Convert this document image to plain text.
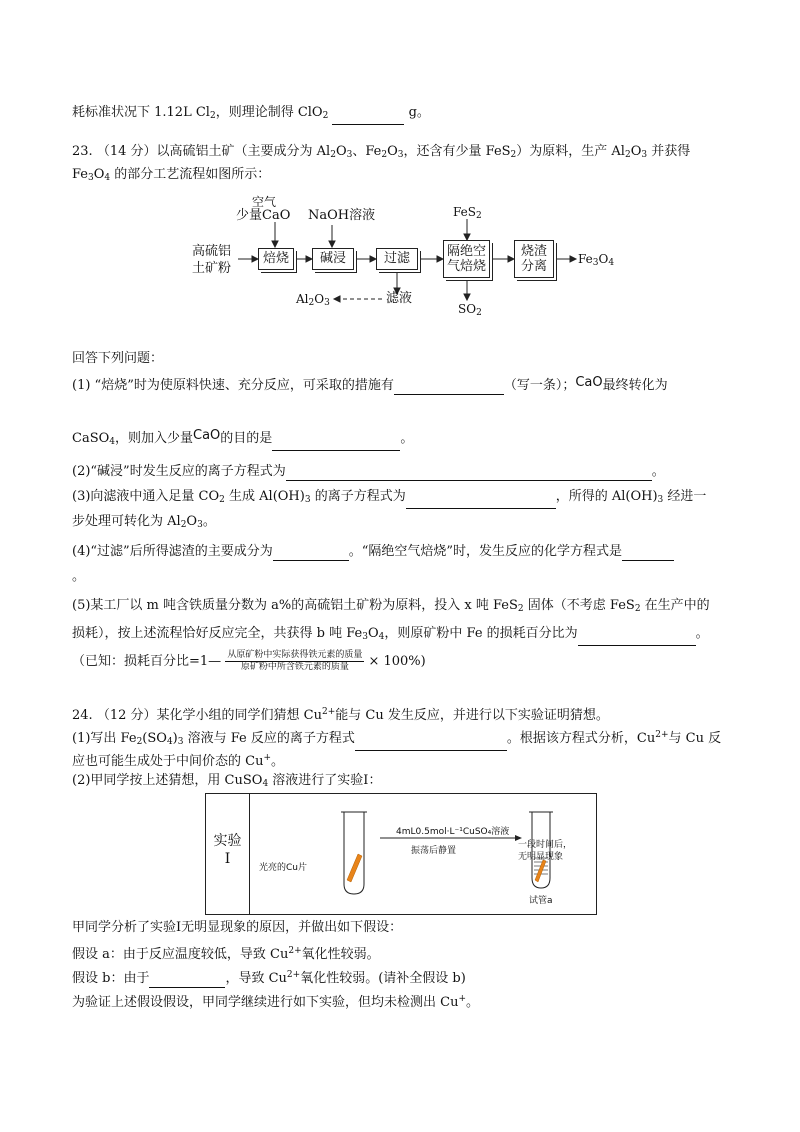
耗标准状况下 1.12L $Cl_2$，则理论制得 ClO$_2$	g。
23. （14 分）以高硫铝土矿（主要成分为 $Al_2O_3$、$Fe_2O_3$，还含有少量 FeS$_2$）为原料，生产 $Al_2O_3$ 并获得
$Fe_3O_4$ 的部分工艺流程如图所示：
空气
少量CaO NaOH溶液	FeS$_2$
高硫铝
土矿粉
焙烧	碱浸	过滤	隔绝空
气焙烧
烧渣
分离	$Fe_3O_4$
滤液
$Al_2O_3$	$SO_2$
回答下列问题：
(1) “焙烧”时为使原料快速、充分反应，可采取的措施有	（写一条）；CaO最终转化为
CaSO$_4$，则加入少量CaO的目的是	。
(2)“碱浸”时发生反应的离子方程式为	。
(3)向滤液中通入足量 $CO_2$ 生成 $Al(OH)_3$ 的离子方程式为	，所得的 $Al(OH)_3$ 经进一
步处理可转化为 $Al_2O_3$。
(4)“过滤”后所得滤渣的主要成分为	。“隔绝空气焙烧”时，发生反应的化学方程式是
。
(5)某工厂以 m 吨含铁质量分数为 a%的高硫铝土矿粉为原料，投入 x 吨 FeS$_2$ 固体（不考虑 FeS$_2$ 在生产中的
损耗），按上述流程恰好反应完全，共获得 b 吨 $Fe_3O_4$，则原矿粉中 Fe 的损耗百分比为	。
（已知：损耗百分比=1— $\frac{\text{从原矿粉中实际获得铁元素的质量}}{\text{原矿粉中所含铁元素的质量}} \times 100\%$)
24. （12 分）某化学小组的同学们猜想 $Cu^{2+}$能与 Cu 发生反应，并进行以下实验证明猜想。
(1)写出 $Fe_2(SO_4)_3$ 溶液与 Fe 反应的离子方程式	。根据该方程式分析，$Cu^{2+}$与 Cu 反
应也可能生成处于中间价态的 Cu+。
(2)甲同学按上述猜想，用 CuSO$_4$ 溶液进行了实验Ⅰ：
实验
Ⅰ
4mL0.5mol·L⁻¹CuSO₄溶液
振荡后静置
光亮的Cu片
试管a
一段时间后，
无明显现象
甲同学分析了实验Ⅰ无明显现象的原因，并做出如下假设：
假设 a：由于反应温度较低，导致 $Cu^{2+}$氧化性较弱。
假设 b：由于	，导致 $Cu^{2+}$氧化性较弱。(请补全假设 b)
为验证上述假设假设，甲同学继续进行如下实验，但均未检测出 Cu+。
